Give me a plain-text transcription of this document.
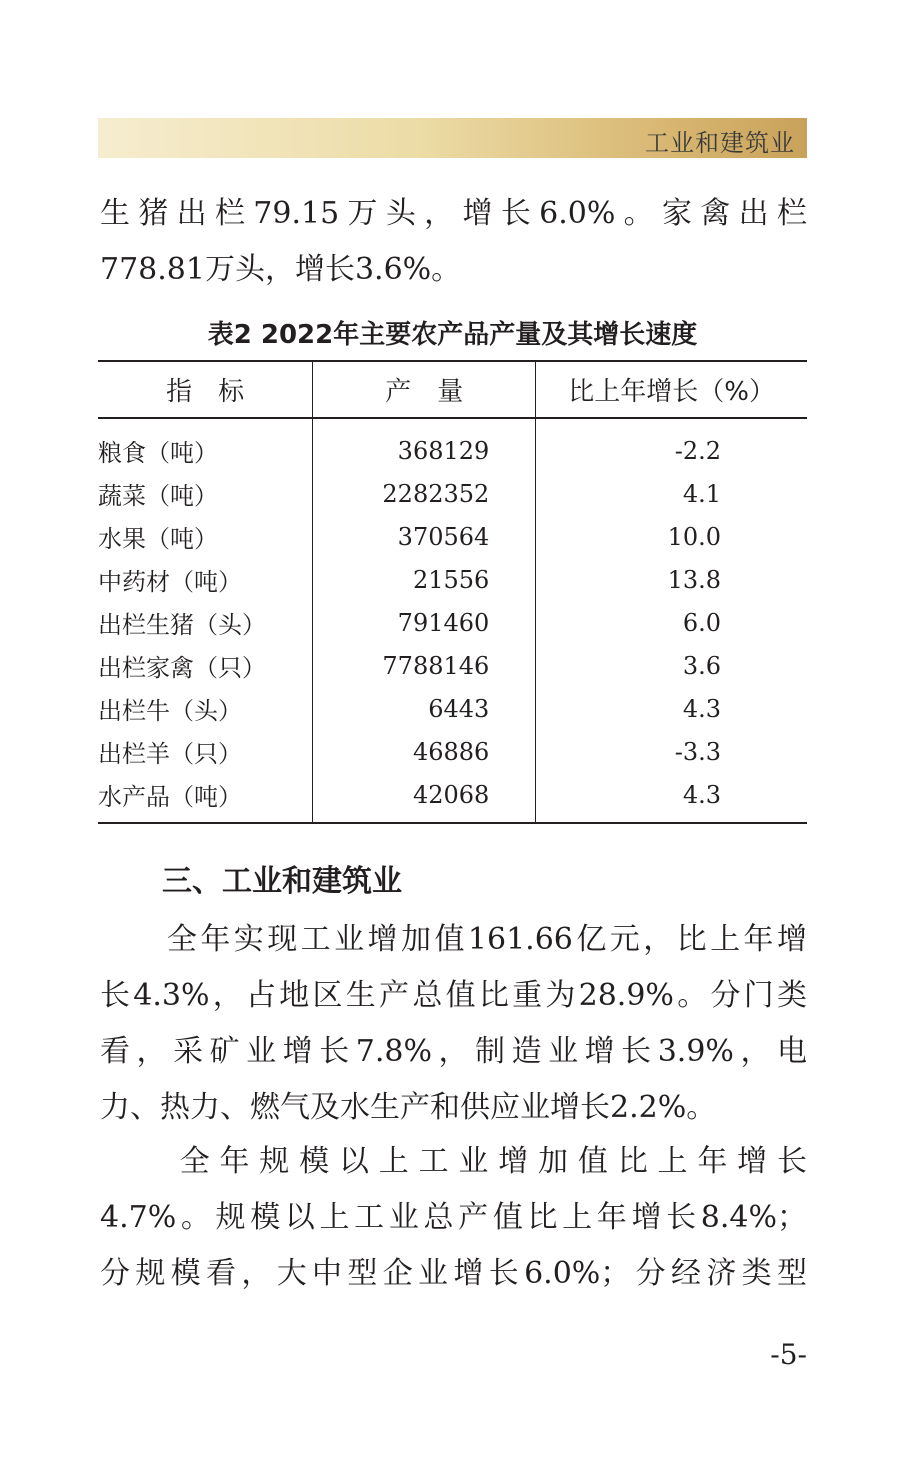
工业和建筑业
生猪出栏79.15万头，增长6.0%。家禽出栏
778.81万头，增长3.6%。
表2 2022年主要农产品产量及其增长速度
指　标	产　量	比上年增长（%）
粮食（吨）	368129	-2.2
蔬菜（吨）	2282352	4.1
水果（吨）	370564	10.0
中药材（吨）	21556	13.8
出栏生猪（头）	791460	6.0
出栏家禽（只）	7788146	3.6
出栏牛（头）	6443	4.3
出栏羊（只）	46886	-3.3
水产品（吨）	42068	4.3
三、工业和建筑业
　　全年实现工业增加值161.66亿元，比上年增
长4.3%，占地区生产总值比重为28.9%。分门类
看，采矿业增长7.8%，制造业增长3.9%，电
力、热力、燃气及水生产和供应业增长2.2%。
　　全年规模以上工业增加值比上年增长
4.7%。规模以上工业总产值比上年增长8.4%；
分规模看，大中型企业增长6.0%；分经济类型
-5-
